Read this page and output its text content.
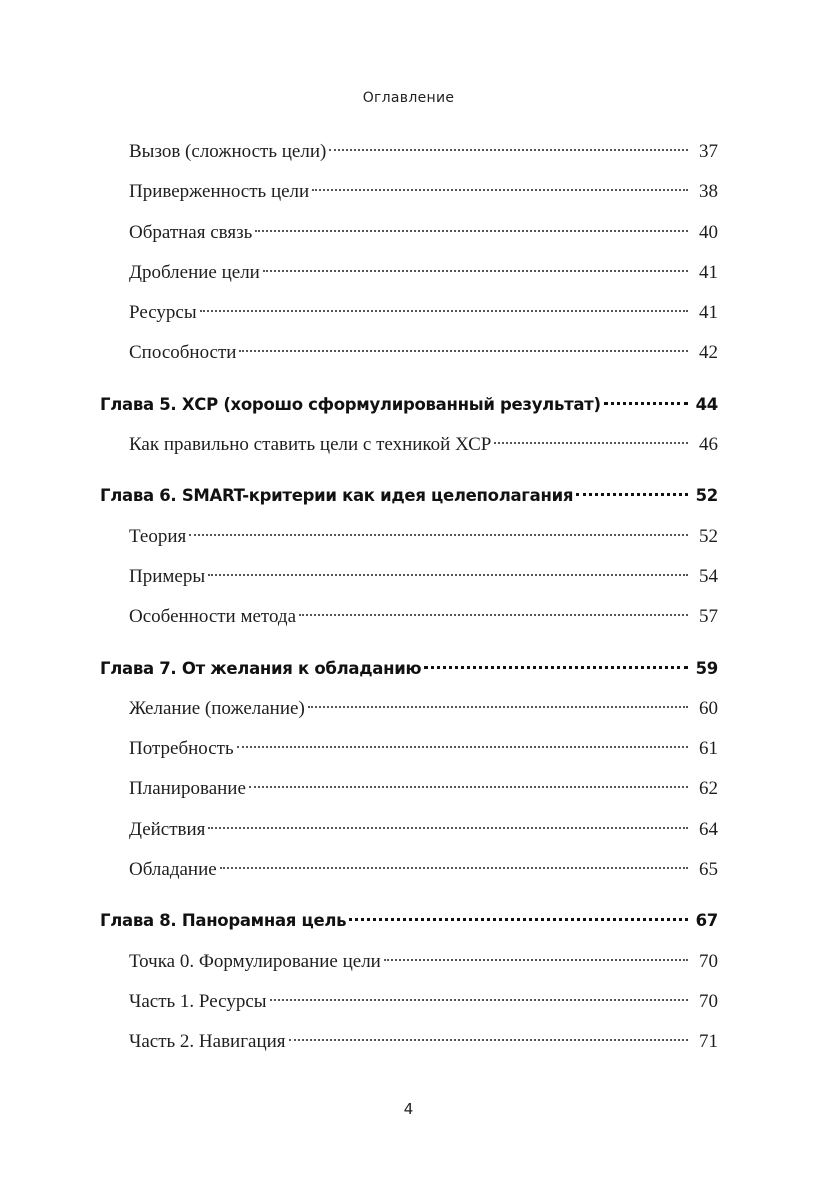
Оглавление
Вызов (сложность цели)	37
Приверженность цели	38
Обратная связь	40
Дробление цели	41
Ресурсы	41
Способности	42
Глава 5. ХСР (хорошо сформулированный результат)	44
Как правильно ставить цели с техникой ХСР	46
Глава 6. SMART-критерии как идея целеполагания	52
Теория	52
Примеры	54
Особенности метода	57
Глава 7. От желания к обладанию	59
Желание (пожелание)	60
Потребность	61
Планирование	62
Действия	64
Обладание	65
Глава 8. Панорамная цель	67
Точка 0. Формулирование цели	70
Часть 1. Ресурсы	70
Часть 2. Навигация	71
4
